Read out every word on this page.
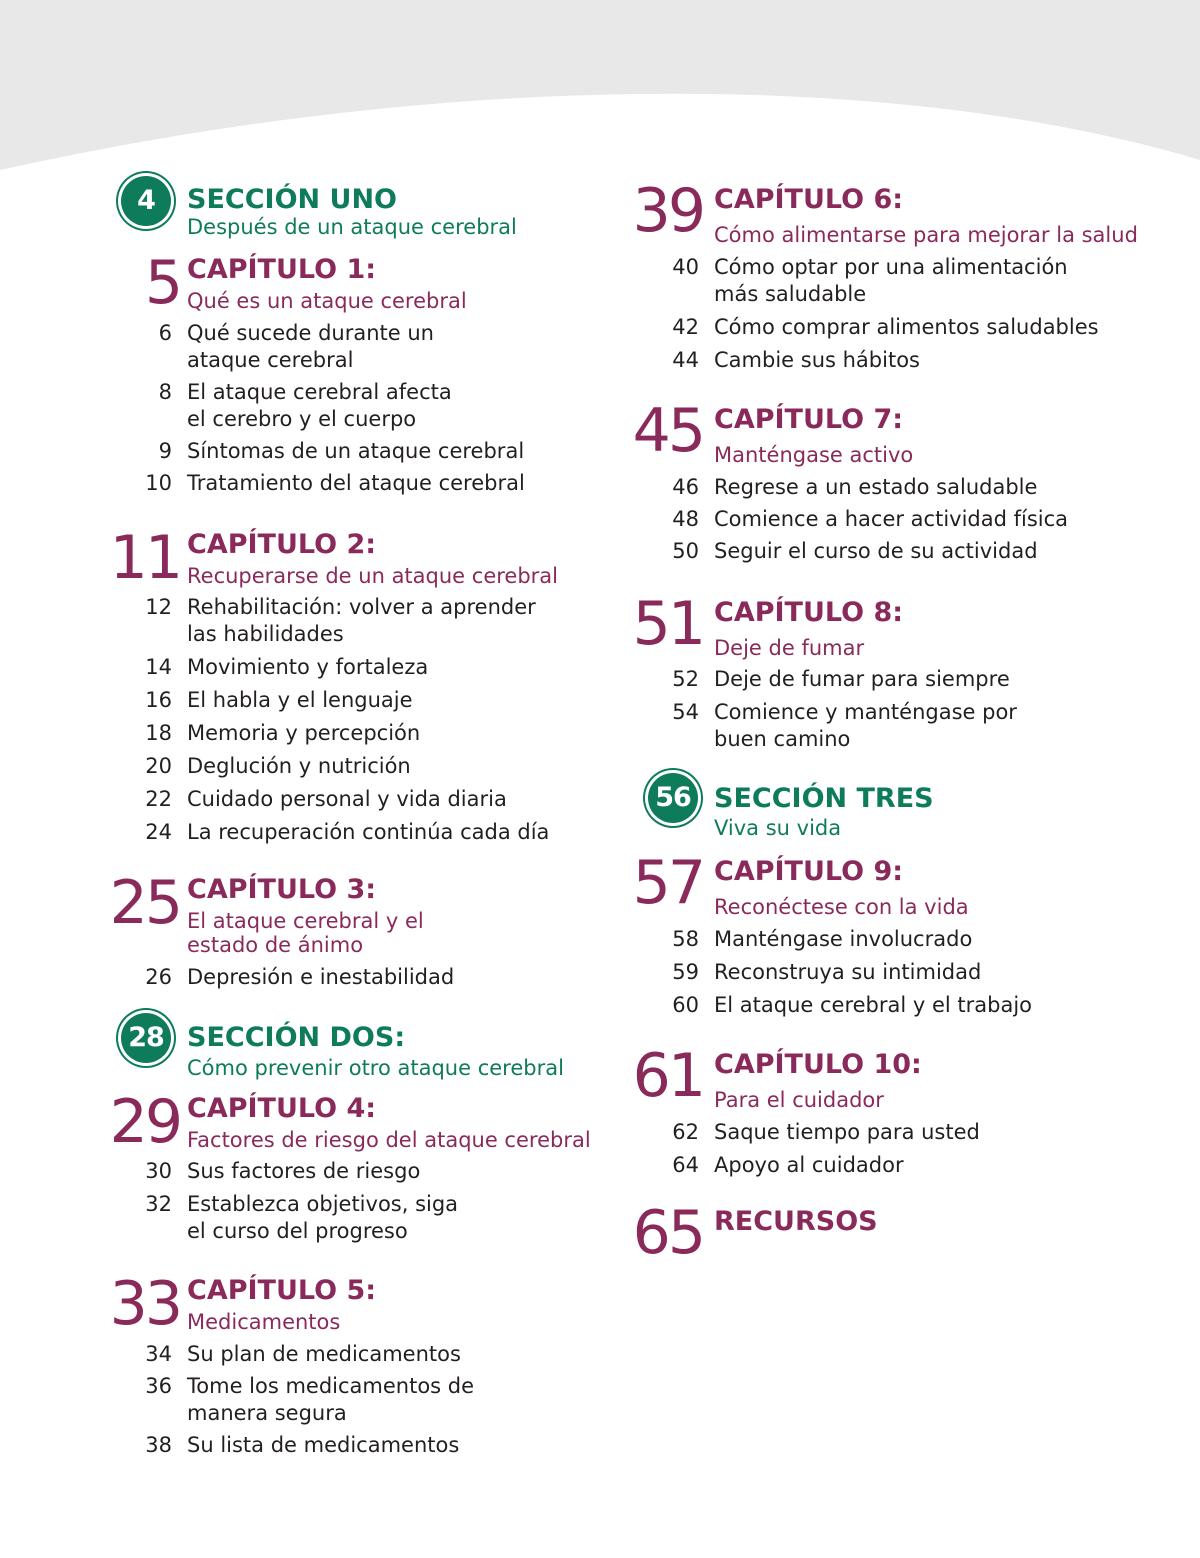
4	SECCIÓN UNO
Después de un ataque cerebral
5 CAPÍTULO 1:
Qué es un ataque cerebral
6 Qué sucede durante un ataque cerebral
8 El ataque cerebral afecta el cerebro y el cuerpo
9 Síntomas de un ataque cerebral
10 Tratamiento del ataque cerebral
11 CAPÍTULO 2:
Recuperarse de un ataque cerebral
12 Rehabilitación: volver a aprender las habilidades
14 Movimiento y fortaleza
16 El habla y el lenguaje
18 Memoria y percepción
20 Deglución y nutrición
22 Cuidado personal y vida diaria
24 La recuperación continúa cada día
25 CAPÍTULO 3:
El ataque cerebral y el
estado de ánimo
26 Depresión e inestabilidad
28 SECCIÓN DOS:
Cómo prevenir otro ataque cerebral
29 CAPÍTULO 4:
Factores de riesgo del ataque cerebral
30 Sus factores de riesgo
32 Establezca objetivos, siga el curso del progreso
33 CAPÍTULO 5:
Medicamentos
34 Su plan de medicamentos
36 Tome los medicamentos de manera segura
38 Su lista de medicamentos
39 CAPÍTULO 6:
Cómo alimentarse para mejorar la salud
40 Cómo optar por una alimentación más saludable
42 Cómo comprar alimentos saludables
44 Cambie sus hábitos
45 CAPÍTULO 7:
Manténgase activo
46 Regrese a un estado saludable
48 Comience a hacer actividad física
50 Seguir el curso de su actividad
51 CAPÍTULO 8:
Deje de fumar
52 Deje de fumar para siempre
54 Comience y manténgase por buen camino
56 SECCIÓN TRES
Viva su vida
57 CAPÍTULO 9:
Reconéctese con la vida
58 Manténgase involucrado
59 Reconstruya su intimidad
60 El ataque cerebral y el trabajo
61 CAPÍTULO 10:
Para el cuidador
62 Saque tiempo para usted
64 Apoyo al cuidador
65 RECURSOS
